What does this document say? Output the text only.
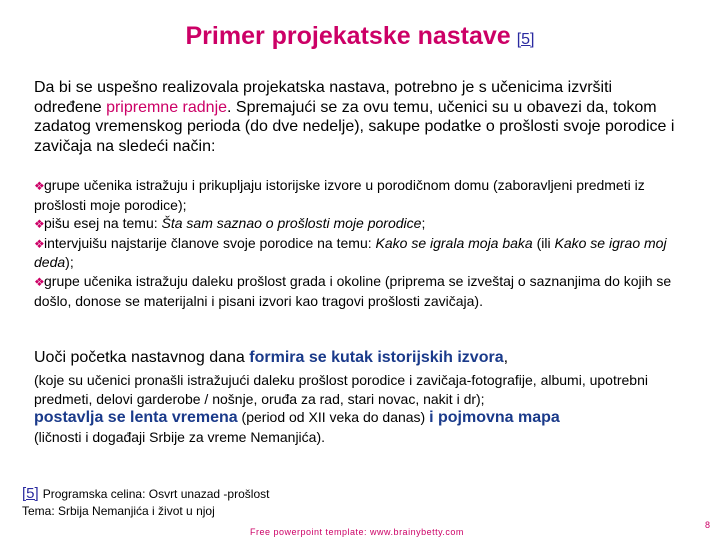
Primer projekatske nastave [5]

Da bi se uspešno realizovala projekatska nastava, potrebno je s učenicima izvršiti određene pripremne radnje. Spremajući se za ovu temu, učenici su u obavezi da, tokom zadatog vremenskog perioda (do dve nedelje), sakupe podatke o prošlosti svoje porodice i zavičaja na sledeći način:

❖grupe učenika istražuju i prikupljaju istorijske izvore u porodičnom domu (zaboravljeni predmeti iz prošlosti moje porodice);
❖pišu esej na temu: Šta sam saznao o prošlosti moje porodice;
❖intervjuišu najstarije članove svoje porodice na temu: Kako se igrala moja baka (ili Kako se igrao moj deda);
❖grupe učenika istražuju daleku prošlost grada i okoline (priprema se izveštaj o saznanjima do kojih se došlo, donose se materijalni i pisani izvori kao tragovi prošlosti zavičaja).

Uoči početka nastavnog dana formira se kutak istorijskih izvora,

(koje su učenici pronašli istražujući daleku prošlost porodice i zavičaja-fotografije, albumi, upotrebni predmeti, delovi garderobe / nošnje, oruđa za rad, stari novac, nakit i dr);
postavlja se lenta vremena (period od XII veka do danas) i pojmovna mapa
(ličnosti i događaji Srbije za vreme Nemanjića).

[5] Programska celina: Osvrt unazad -prošlost
Tema: Srbija Nemanjića i život u njoj
Free powerpoint template: www.brainybetty.com
8
